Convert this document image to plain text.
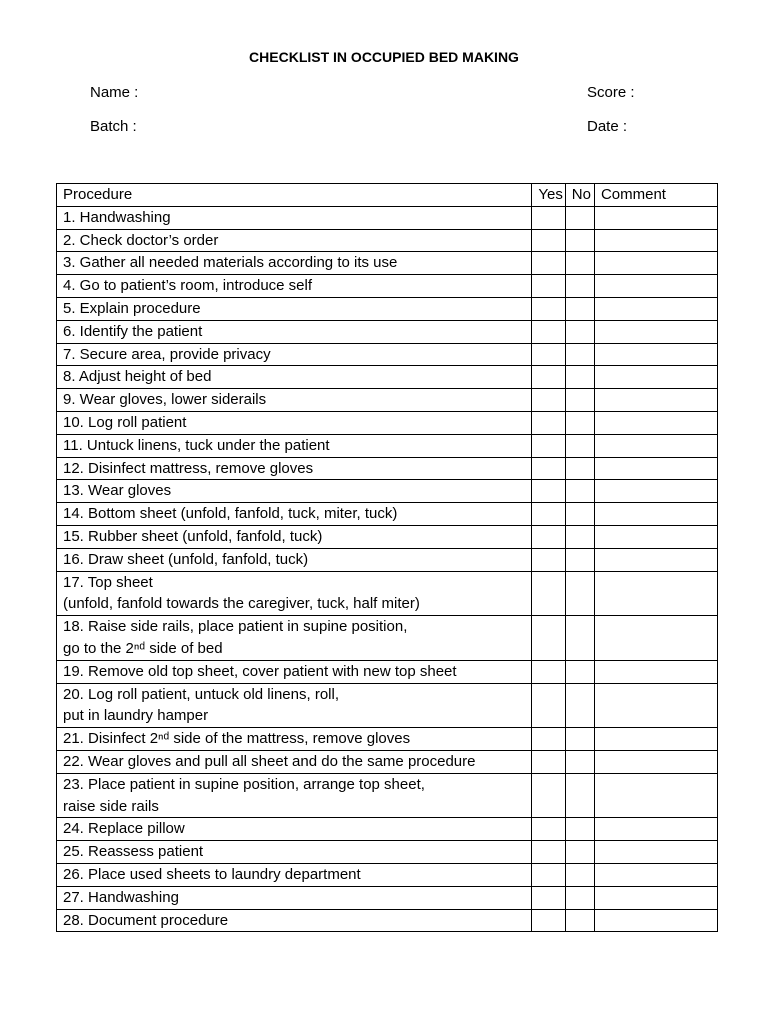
CHECKLIST IN OCCUPIED BED MAKING
Name :
Batch :
Score :
Date :
Procedure	Yes	No	Comment

1. Handwashing			

2. Check doctor’s order			

3. Gather all needed materials according to its use			

4. Go to patient’s room, introduce self			

5. Explain procedure			

6. Identify the patient			

7. Secure area, provide privacy			

8. Adjust height of bed			

9. Wear gloves, lower siderails			

10. Log roll patient			

11. Untuck linens, tuck under the patient			

12. Disinfect mattress, remove gloves			

13. Wear gloves			

14. Bottom sheet (unfold, fanfold, tuck, miter, tuck)			

15. Rubber sheet (unfold, fanfold, tuck)			

16. Draw sheet (unfold, fanfold, tuck)			

17. Top sheet
(unfold, fanfold towards the caregiver, tuck, half miter)			

18. Raise side rails, place patient in supine position,
go to the 2ⁿᵈ side of bed			

19. Remove old top sheet, cover patient with new top sheet			

20. Log roll patient, untuck old linens, roll,
put in laundry hamper			

21. Disinfect 2ⁿᵈ side of the mattress, remove gloves			

22. Wear gloves and pull all sheet and do the same procedure			

23. Place patient in supine position, arrange top sheet,
raise side rails			

24. Replace pillow			

25. Reassess patient			

26. Place used sheets to laundry department			

27. Handwashing			

28. Document procedure			
